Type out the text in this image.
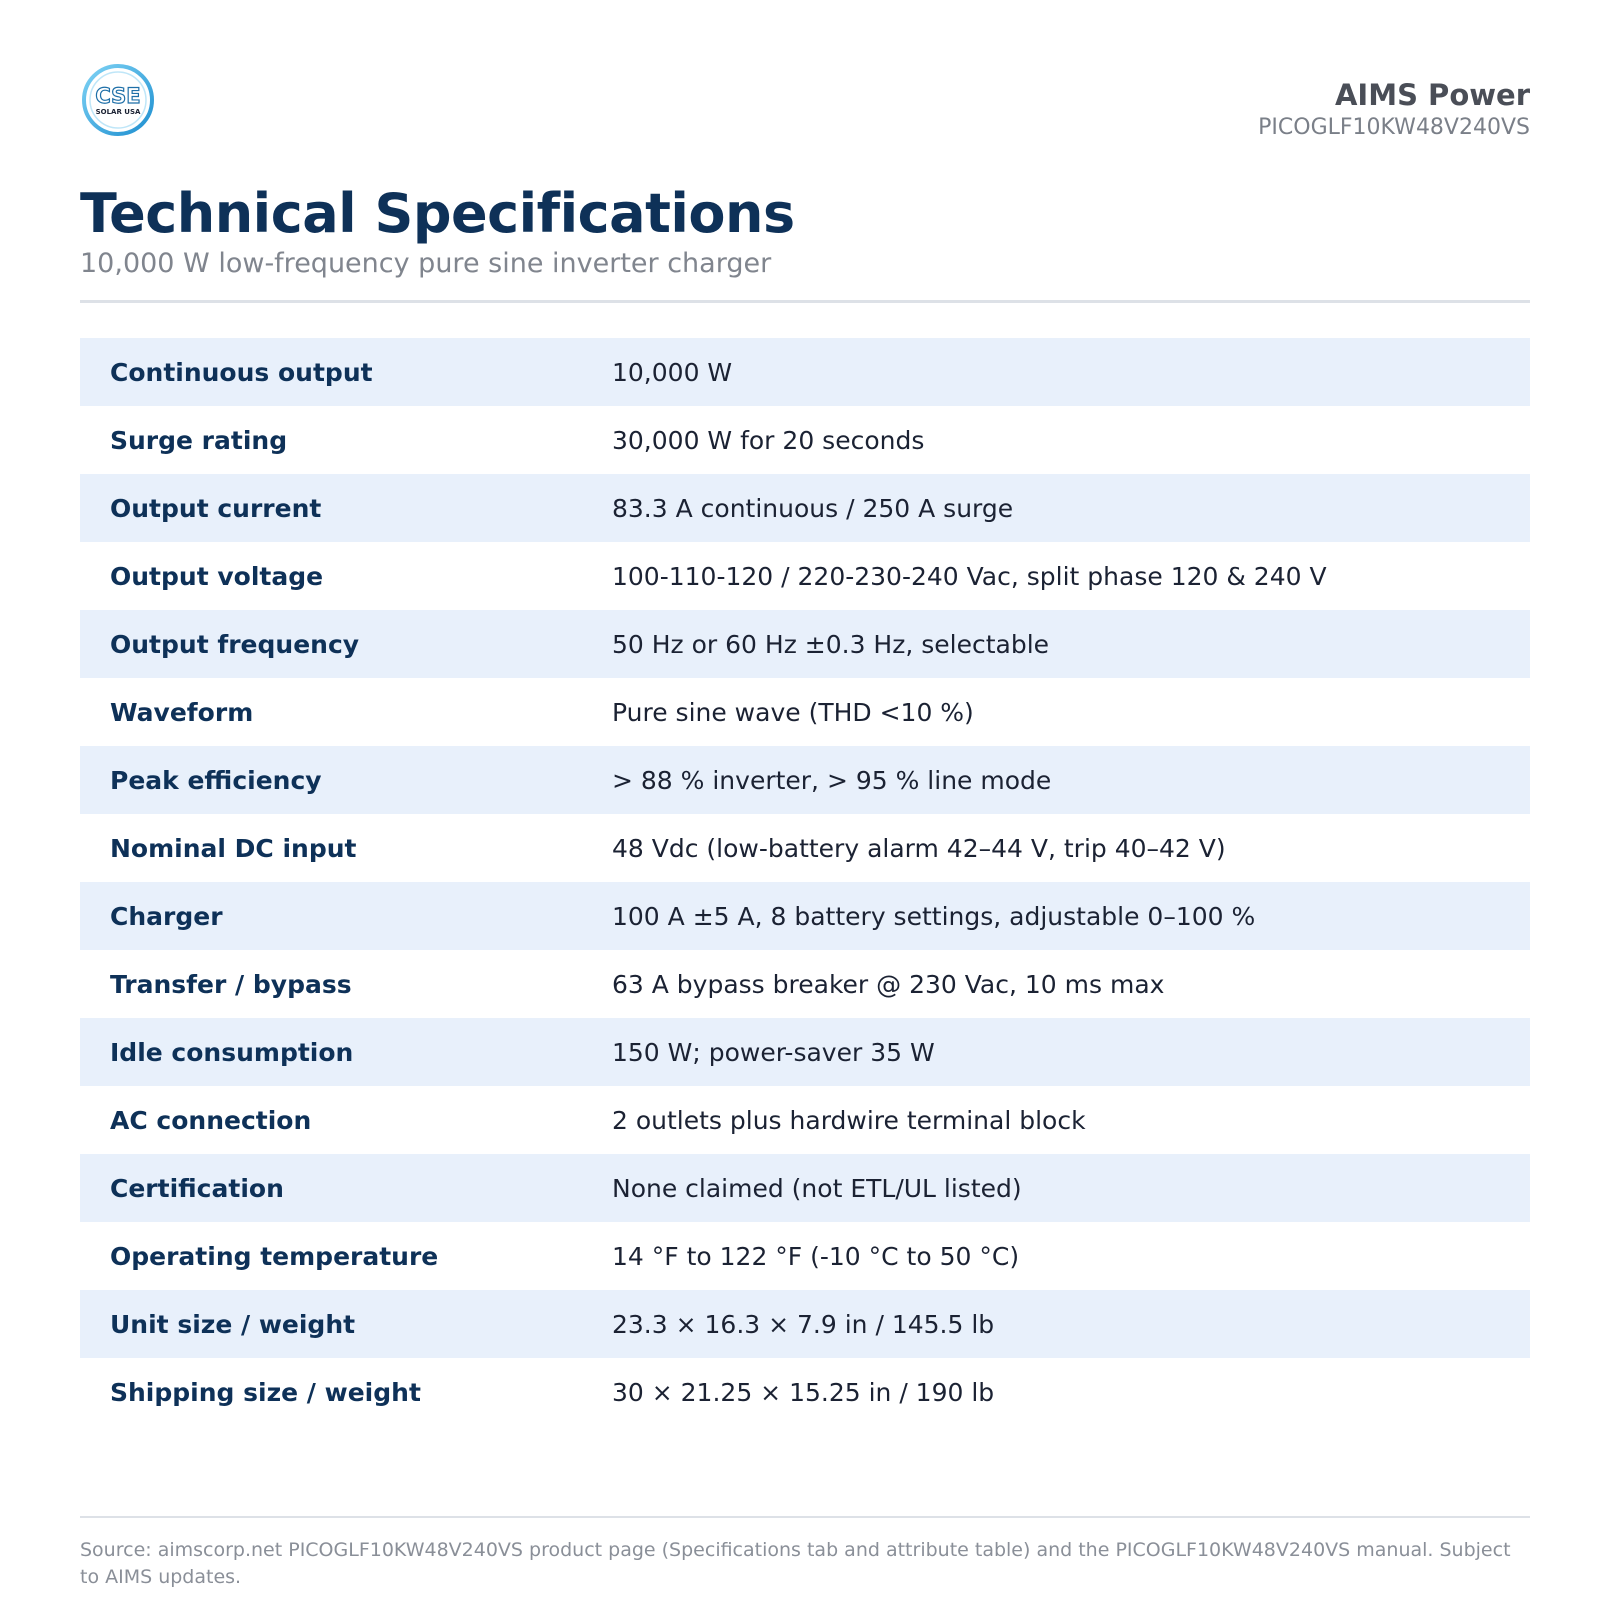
CSE
SOLAR USA	AIMS Power
PICOGLF10KW48V240VS
Technical Specifications
10,000 W low-frequency pure sine inverter charger
Continuous output	10,000 W
Surge rating	30,000 W for 20 seconds
Output current	83.3 A continuous / 250 A surge
Output voltage	100-110-120 / 220-230-240 Vac, split phase 120 & 240 V
Output frequency	50 Hz or 60 Hz ±0.3 Hz, selectable
Waveform	Pure sine wave (THD <10 %)
Peak efficiency	> 88 % inverter, > 95 % line mode
Nominal DC input	48 Vdc (low-battery alarm 42–44 V, trip 40–42 V)
Charger	100 A ±5 A, 8 battery settings, adjustable 0–100 %
Transfer / bypass	63 A bypass breaker @ 230 Vac, 10 ms max
Idle consumption	150 W; power-saver 35 W
AC connection	2 outlets plus hardwire terminal block
Certification	None claimed (not ETL/UL listed)
Operating temperature	14 °F to 122 °F (-10 °C to 50 °C)
Unit size / weight	23.3 × 16.3 × 7.9 in / 145.5 lb
Shipping size / weight	30 × 21.25 × 15.25 in / 190 lb
Source: aimscorp.net PICOGLF10KW48V240VS product page (Specifications tab and attribute table) and the PICOGLF10KW48V240VS manual. Subject to AIMS updates.
